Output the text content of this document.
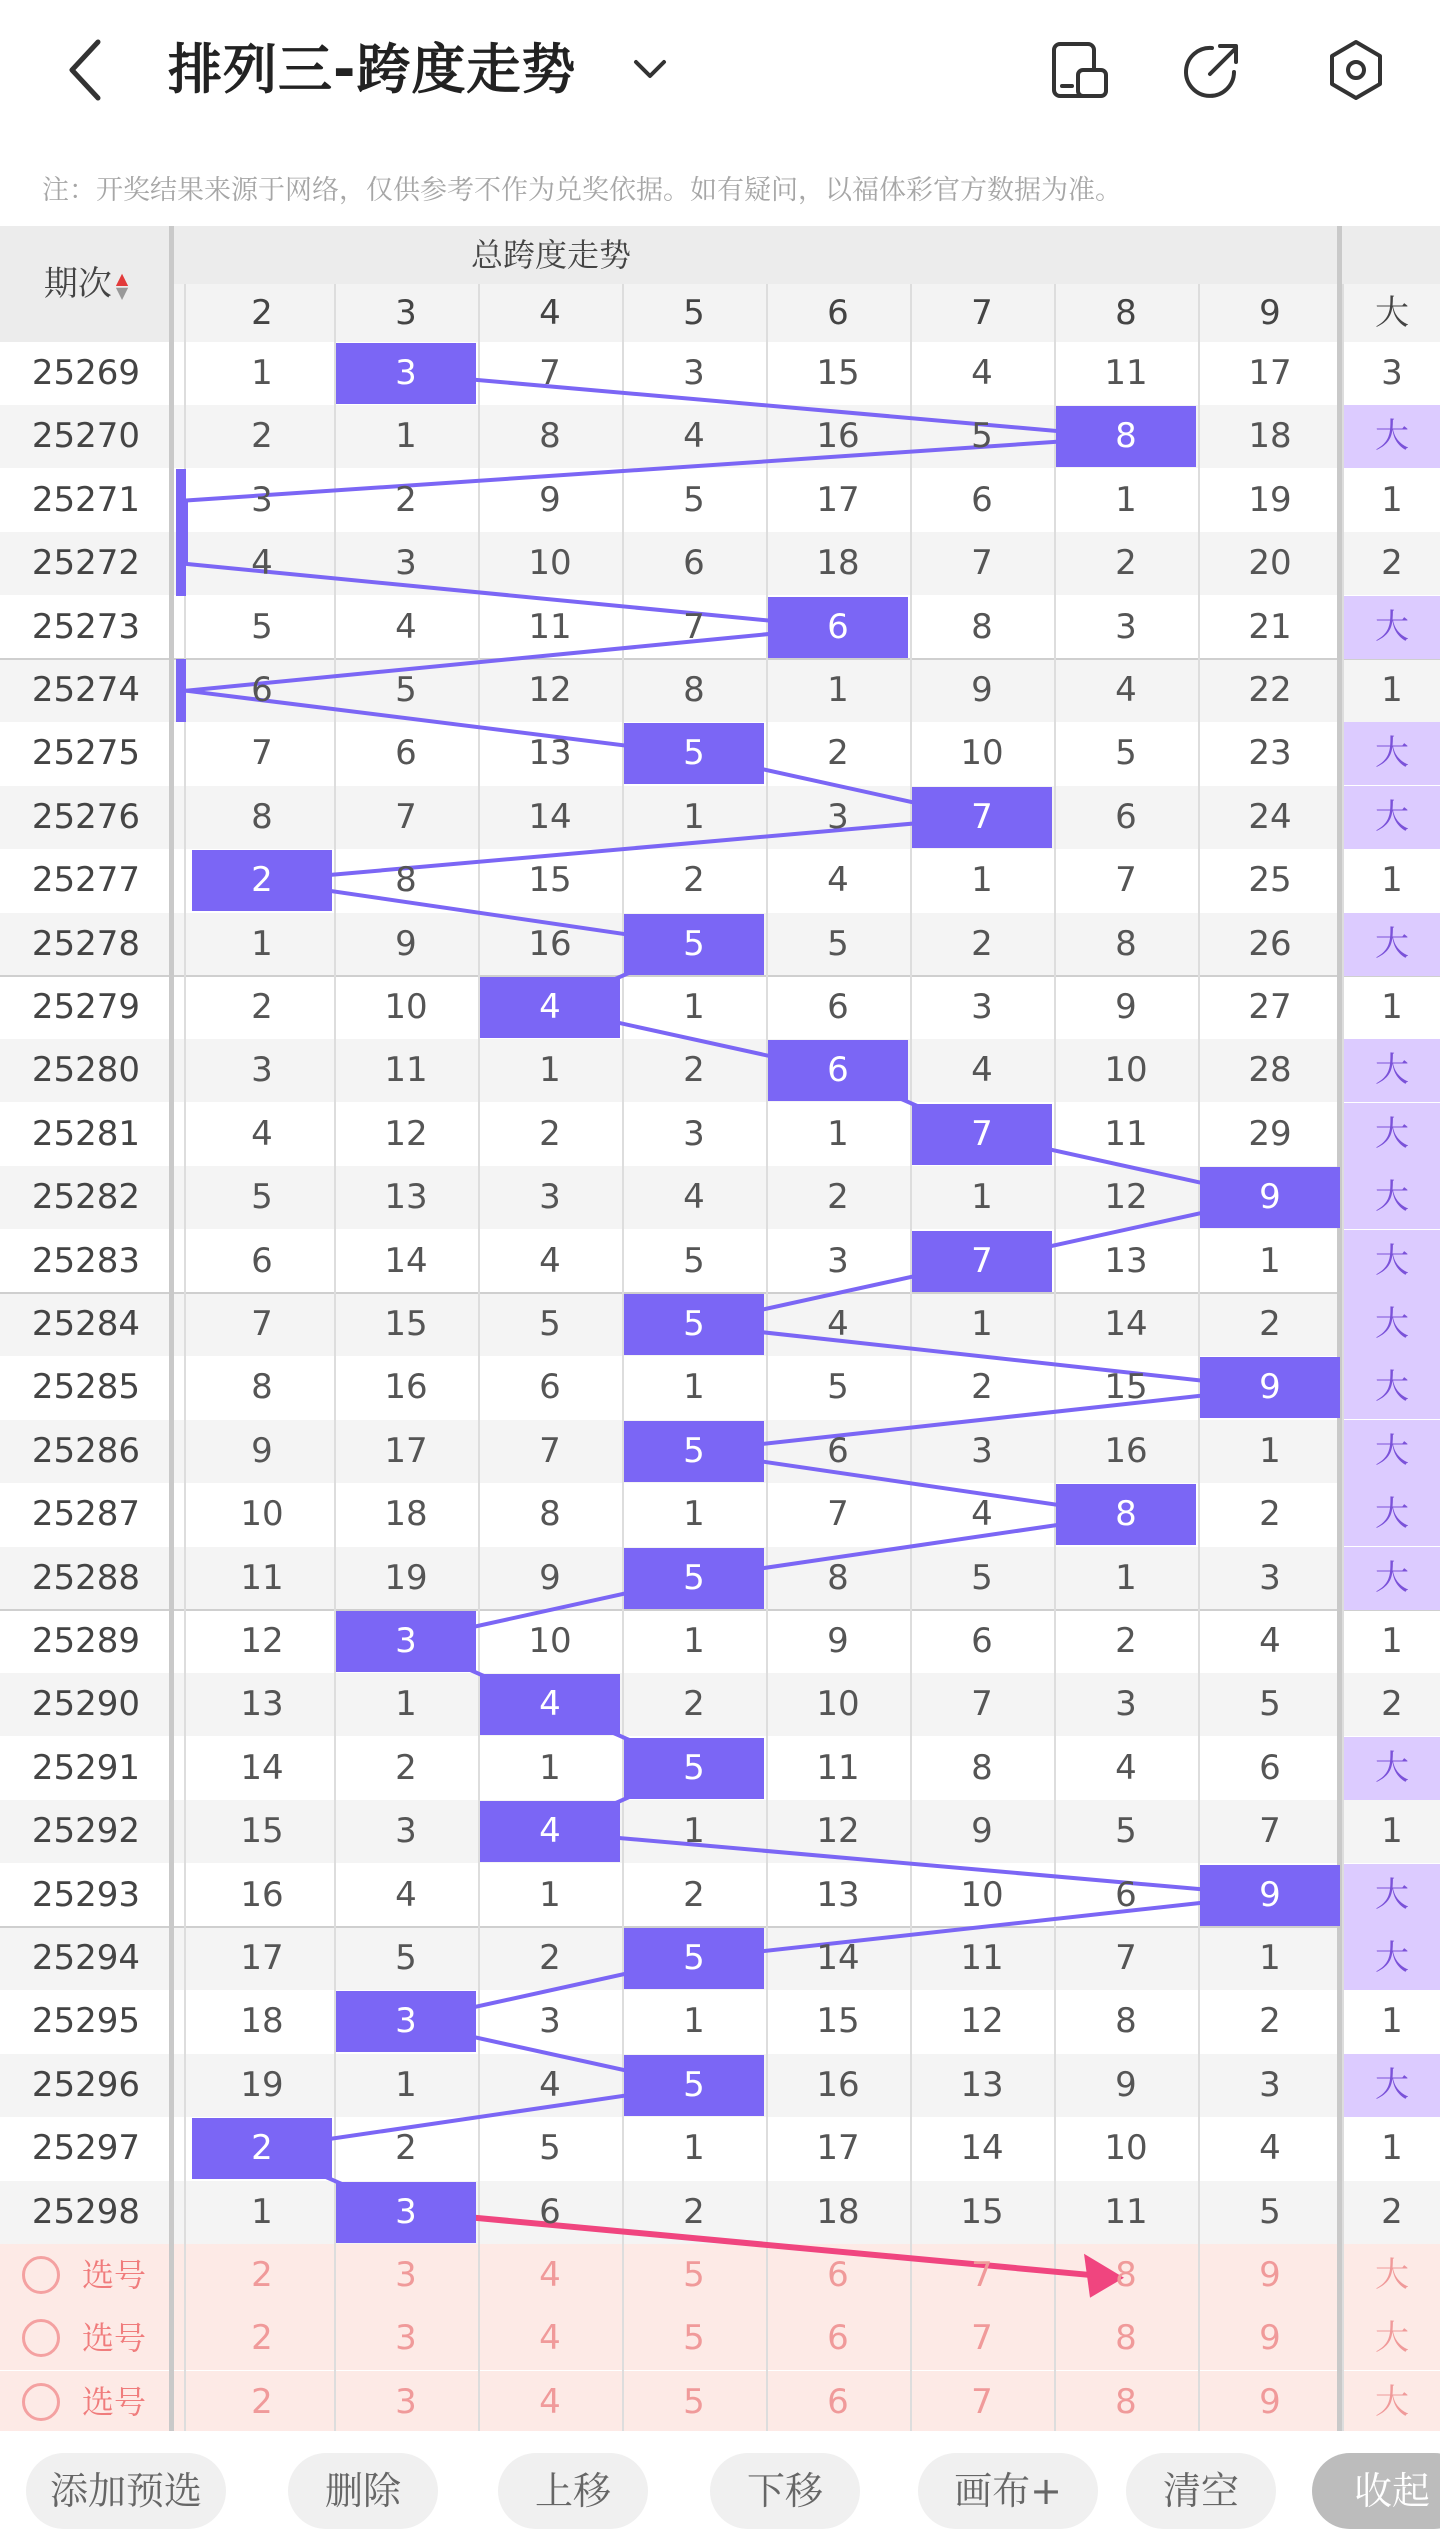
排列三-跨度走势
注：开奖结果来源于网络，仅供参考不作为兑奖依据。如有疑问，以福体彩官方数据为准。
期次 ▲
▼
总跨度走势
2	3	4	5	6	7	8	9	大
25269	1	3	7	3	15	4	11	17	3
25270	2	1	8	4	16	5	8	18	大
25271	3	2	9	5	17	6	1	19	1
25272	4	3	10	6	18	7	2	20	2
25273	5	4	11	7	6	8	3	21	大
25274	6	5	12	8	1	9	4	22	1
25275	7	6	13	5	2	10	5	23	大
25276	8	7	14	1	3	7	6	24	大
25277	2	8	15	2	4	1	7	25	1
25278	1	9	16	5	5	2	8	26	大
25279	2	10	4	1	6	3	9	27	1
25280	3	11	1	2	6	4	10	28	大
25281	4	12	2	3	1	7	11	29	大
25282	5	13	3	4	2	1	12	9	大
25283	6	14	4	5	3	7	13	1	大
25284	7	15	5	5	4	1	14	2	大
25285	8	16	6	1	5	2	15	9	大
25286	9	17	7	5	6	3	16	1	大
25287	10	18	8	1	7	4	8	2	大
25288	11	19	9	5	8	5	1	3	大
25289	12	3	10	1	9	6	2	4	1
25290	13	1	4	2	10	7	3	5	2
25291	14	2	1	5	11	8	4	6	大
25292	15	3	4	1	12	9	5	7	1
25293	16	4	1	2	13	10	6	9	大
25294	17	5	2	5	14	11	7	1	大
25295	18	3	3	1	15	12	8	2	1
25296	19	1	4	5	16	13	9	3	大
25297	2	2	5	1	17	14	10	4	1
25298	1	3	6	2	18	15	11	5	2
选号	2	3	4	5	6	7	8	9	大
选号	2	3	4	5	6	7	8	9	大
选号	2	3	4	5	6	7	8	9	大
添加预选	删除	上移	下移	画布+	清空	收起
